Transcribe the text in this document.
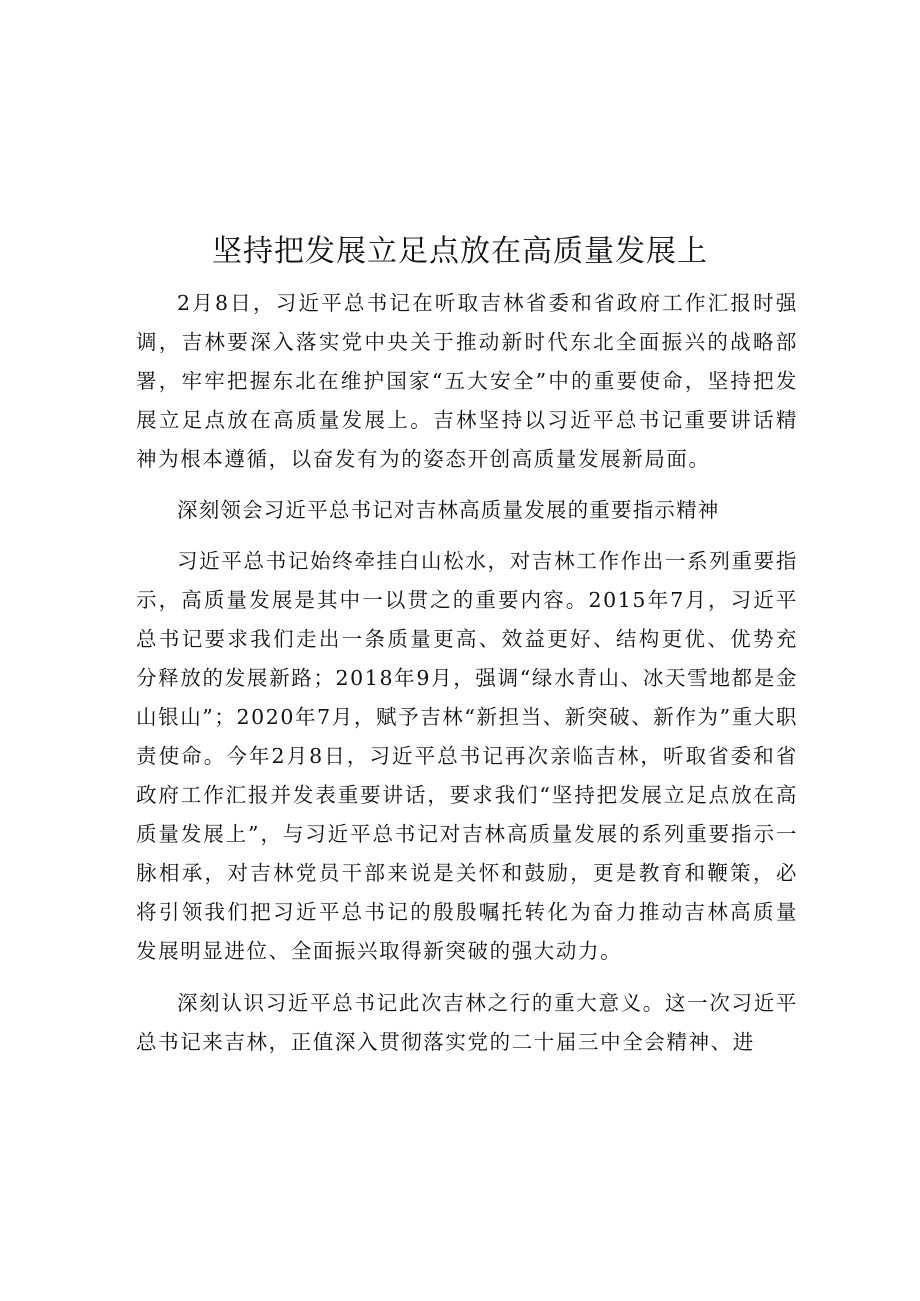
坚持把发展立足点放在高质量发展上

2月8日，习近平总书记在听取吉林省委和省政府工作汇报时强调，吉林要深入落实党中央关于推动新时代东北全面振兴的战略部署，牢牢把握东北在维护国家“五大安全”中的重要使命，坚持把发展立足点放在高质量发展上。吉林坚持以习近平总书记重要讲话精神为根本遵循，以奋发有为的姿态开创高质量发展新局面。

深刻领会习近平总书记对吉林高质量发展的重要指示精神

习近平总书记始终牵挂白山松水，对吉林工作作出一系列重要指示，高质量发展是其中一以贯之的重要内容。2015年7月，习近平总书记要求我们走出一条质量更高、效益更好、结构更优、优势充分释放的发展新路；2018年9月，强调“绿水青山、冰天雪地都是金山银山”；2020年7月，赋予吉林“新担当、新突破、新作为”重大职责使命。今年2月8日，习近平总书记再次亲临吉林，听取省委和省政府工作汇报并发表重要讲话，要求我们“坚持把发展立足点放在高质量发展上”，与习近平总书记对吉林高质量发展的系列重要指示一脉相承，对吉林党员干部来说是关怀和鼓励，更是教育和鞭策，必将引领我们把习近平总书记的殷殷嘱托转化为奋力推动吉林高质量发展明显进位、全面振兴取得新突破的强大动力。

深刻认识习近平总书记此次吉林之行的重大意义。这一次习近平总书记来吉林，正值深入贯彻落实党的二十届三中全会精神、进
